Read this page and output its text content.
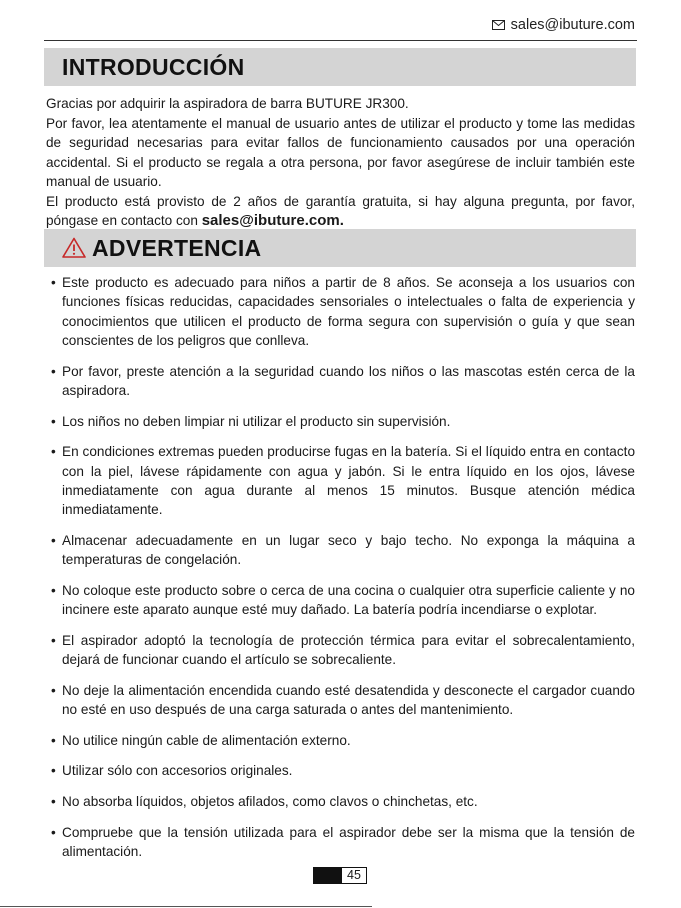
sales@ibuture.com
INTRODUCCIÓN

Gracias por adquirir la aspiradora de barra BUTURE JR300.

Por favor, lea atentamente el manual de usuario antes de utilizar el producto y tome las medidas de seguridad necesarias para evitar fallos de funcionamiento causados por una operación accidental. Si el producto se regala a otra persona, por favor asegúrese de incluir también este manual de usuario.

El producto está provisto de 2 años de garantía gratuita, si hay alguna pregunta, por favor, póngase en contacto con sales@ibuture.com.

ADVERTENCIA
• Este producto es adecuado para niños a partir de 8 años. Se aconseja a los usuarios con funciones físicas reducidas, capacidades sensoriales o intelectuales o falta de experiencia y conocimientos que utilicen el producto de forma segura con supervisión o guía y que sean conscientes de los peligros que conlleva.
• Por favor, preste atención a la seguridad cuando los niños o las mascotas estén cerca de la aspiradora.
• Los niños no deben limpiar ni utilizar el producto sin supervisión.
• En condiciones extremas pueden producirse fugas en la batería. Si el líquido entra en contacto con la piel, lávese rápidamente con agua y jabón. Si le entra líquido en los ojos, lávese inmediatamente con agua durante al menos 15 minutos. Busque atención médica inmediatamente.
• Almacenar adecuadamente en un lugar seco y bajo techo. No exponga la máquina a temperaturas de congelación.
• No coloque este producto sobre o cerca de una cocina o cualquier otra superficie caliente y no incinere este aparato aunque esté muy dañado. La batería podría incendiarse o explotar.
• El aspirador adoptó la tecnología de protección térmica para evitar el sobrecalentamiento, dejará de funcionar cuando el artículo se sobrecaliente.
• No deje la alimentación encendida cuando esté desatendida y desconecte el cargador cuando no esté en uso después de una carga saturada o antes del mantenimiento.
• No utilice ningún cable de alimentación externo.
• Utilizar sólo con accesorios originales.
• No absorba líquidos, objetos afilados, como clavos o chinchetas, etc.
• Compruebe que la tensión utilizada para el aspirador debe ser la misma que la tensión de alimentación.
45
